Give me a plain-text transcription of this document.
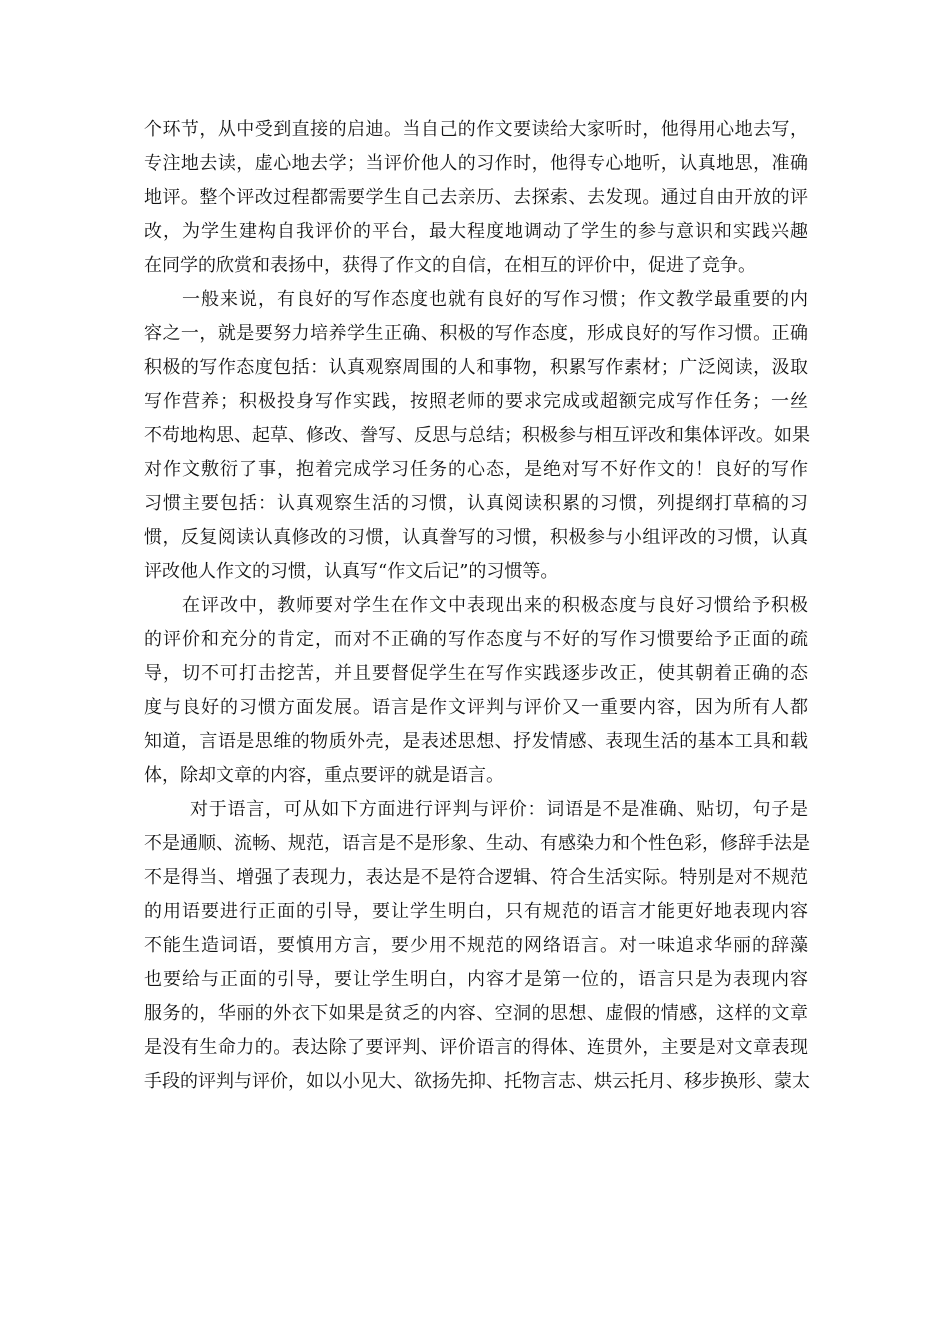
个环节，从中受到直接的启迪。当自己的作文要读给大家听时，他得用心地去写，
专注地去读，虚心地去学；当评价他人的习作时，他得专心地听，认真地思，准确
地评。整个评改过程都需要学生自己去亲历、去探索、去发现。通过自由开放的评
改，为学生建构自我评价的平台，最大程度地调动了学生的参与意识和实践兴趣
在同学的欣赏和表扬中，获得了作文的自信，在相互的评价中，促进了竞争。
一般来说，有良好的写作态度也就有良好的写作习惯；作文教学最重要的内
容之一，就是要努力培养学生正确、积极的写作态度，形成良好的写作习惯。正确
积极的写作态度包括：认真观察周围的人和事物，积累写作素材；广泛阅读，汲取
写作营养；积极投身写作实践，按照老师的要求完成或超额完成写作任务；一丝
不苟地构思、起草、修改、誊写、反思与总结；积极参与相互评改和集体评改。如果
对作文敷衍了事，抱着完成学习任务的心态，是绝对写不好作文的！良好的写作
习惯主要包括：认真观察生活的习惯，认真阅读积累的习惯，列提纲打草稿的习
惯，反复阅读认真修改的习惯，认真誊写的习惯，积极参与小组评改的习惯，认真
评改他人作文的习惯，认真写“作文后记”的习惯等。
在评改中，教师要对学生在作文中表现出来的积极态度与良好习惯给予积极
的评价和充分的肯定，而对不正确的写作态度与不好的写作习惯要给予正面的疏
导，切不可打击挖苦，并且要督促学生在写作实践逐步改正，使其朝着正确的态
度与良好的习惯方面发展。语言是作文评判与评价又一重要内容，因为所有人都
知道，言语是思维的物质外壳，是表述思想、抒发情感、表现生活的基本工具和载
体，除却文章的内容，重点要评的就是语言。
对于语言，可从如下方面进行评判与评价：词语是不是准确、贴切，句子是
不是通顺、流畅、规范，语言是不是形象、生动、有感染力和个性色彩，修辞手法是
不是得当、增强了表现力，表达是不是符合逻辑、符合生活实际。特别是对不规范
的用语要进行正面的引导，要让学生明白，只有规范的语言才能更好地表现内容
不能生造词语，要慎用方言，要少用不规范的网络语言。对一味追求华丽的辞藻
也要给与正面的引导，要让学生明白，内容才是第一位的，语言只是为表现内容
服务的，华丽的外衣下如果是贫乏的内容、空洞的思想、虚假的情感，这样的文章
是没有生命力的。表达除了要评判、评价语言的得体、连贯外，主要是对文章表现
手段的评判与评价，如以小见大、欲扬先抑、托物言志、烘云托月、移步换形、蒙太
